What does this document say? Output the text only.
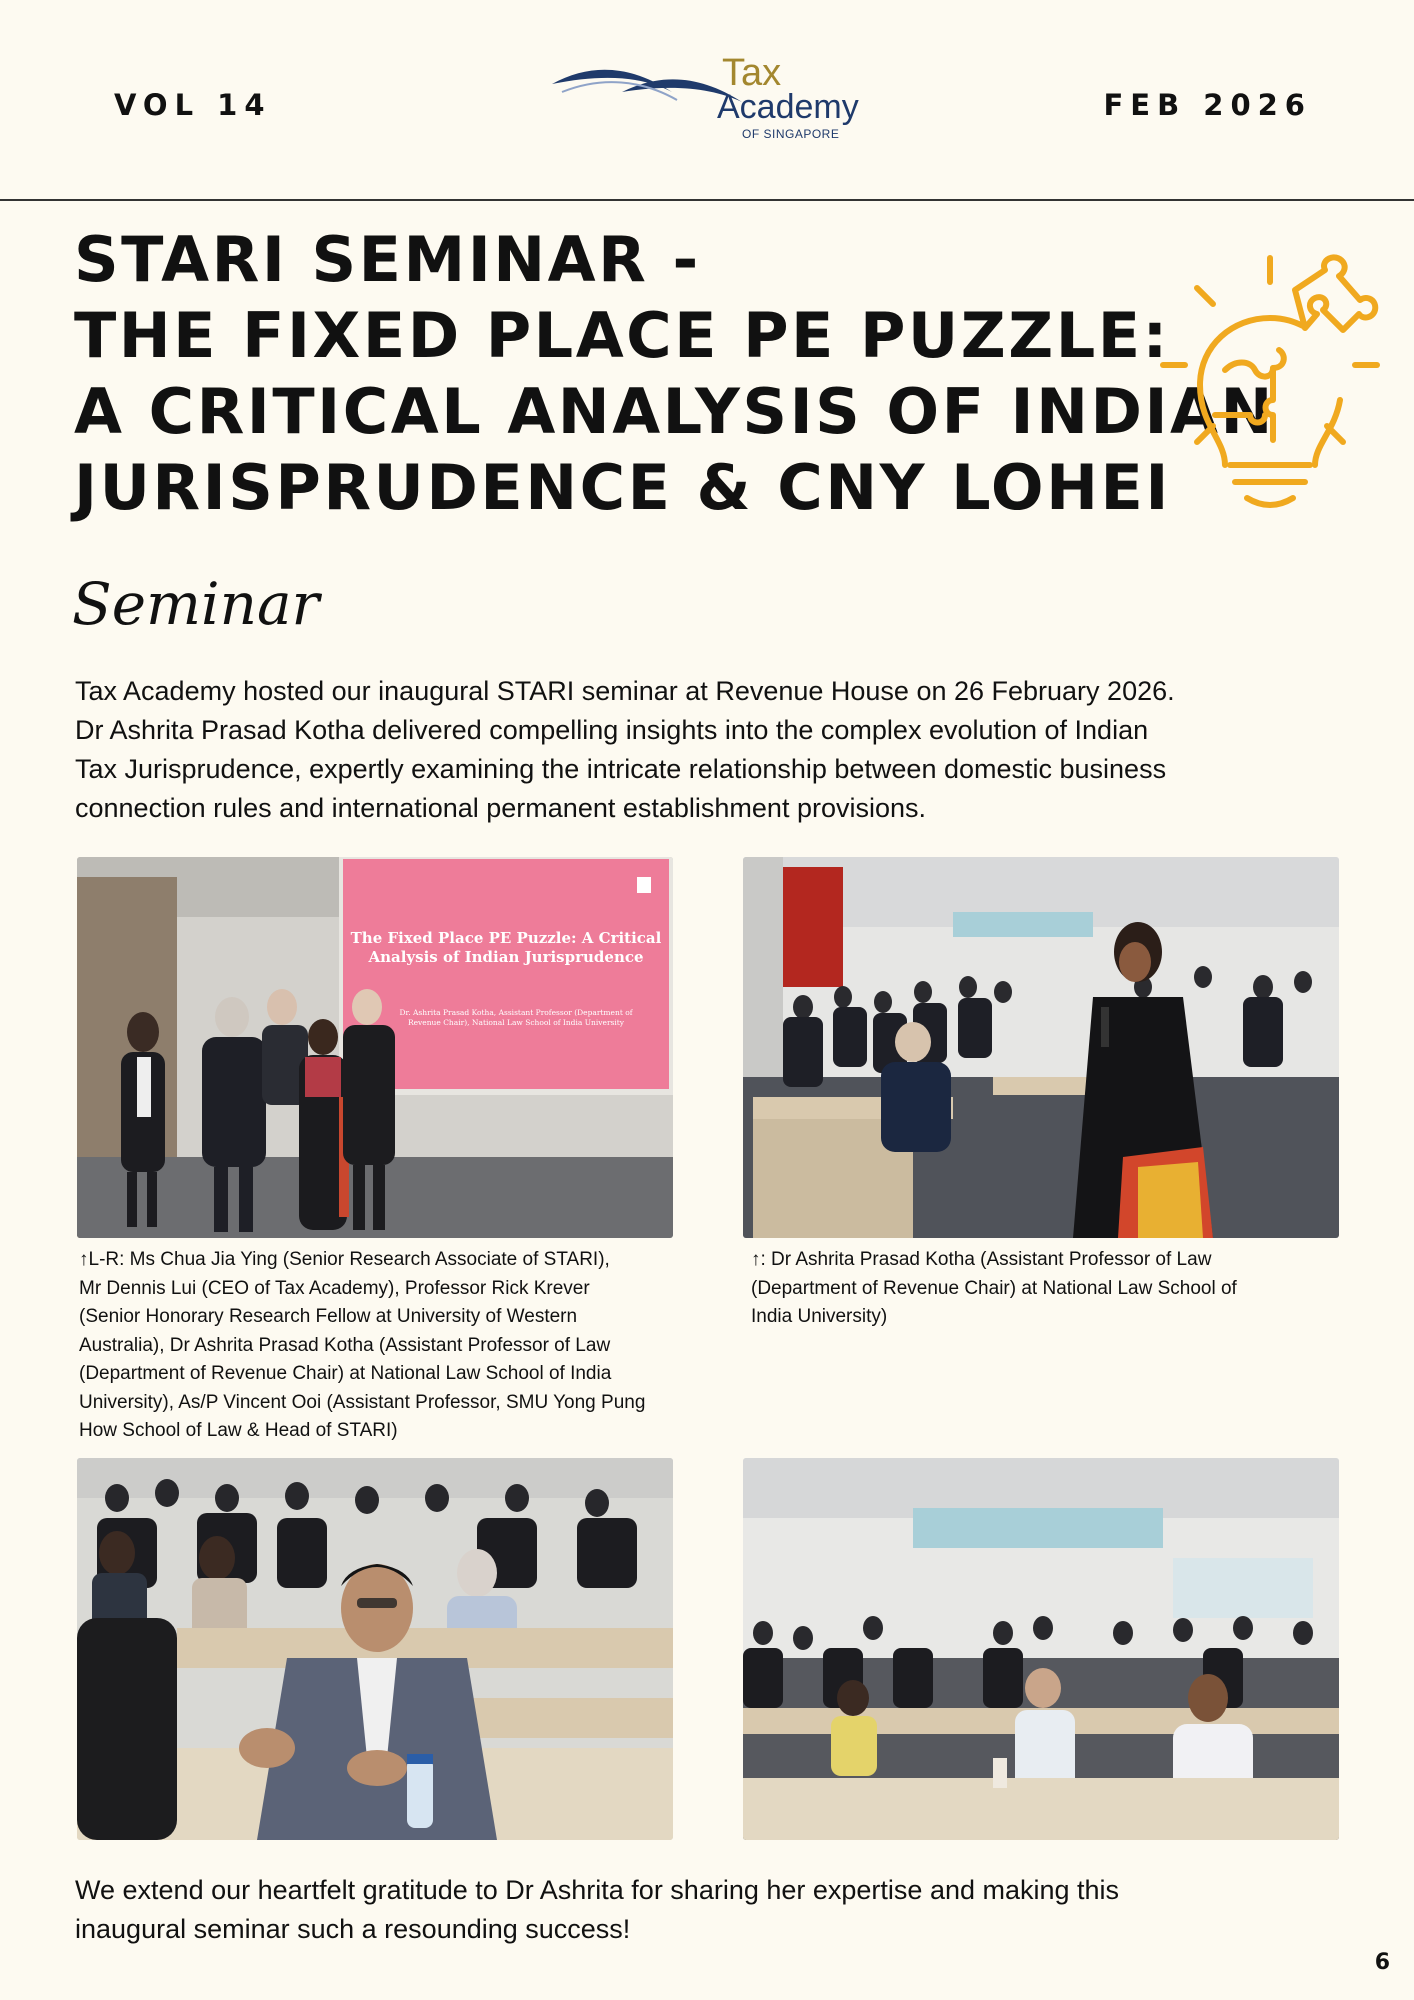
VOL 14
Tax
Academy
OF SINGAPORE
FEB 2026
STARI SEMINAR -
THE FIXED PLACE PE PUZZLE:
A CRITICAL ANALYSIS OF INDIAN
JURISPRUDENCE & CNY LOHEI
Seminar
Tax Academy hosted our inaugural STARI seminar at Revenue House on 26 February 2026.
Dr Ashrita Prasad Kotha delivered compelling insights into the complex evolution of Indian
Tax Jurisprudence, expertly examining the intricate relationship between domestic business
connection rules and international permanent establishment provisions.
The Fixed Place PE Puzzle: A Critical
Analysis of Indian Jurisprudence
Dr. Ashrita Prasad Kotha, Assistant Professor (Department of
Revenue Chair), National Law School of India University
↑L-R: Ms Chua Jia Ying (Senior Research Associate of STARI),
Mr Dennis Lui (CEO of Tax Academy), Professor Rick Krever
(Senior Honorary Research Fellow at University of Western
Australia), Dr Ashrita Prasad Kotha (Assistant Professor of Law
(Department of Revenue Chair) at National Law School of India
University), As/P Vincent Ooi (Assistant Professor, SMU Yong Pung
How School of Law & Head of STARI)
↑: Dr Ashrita Prasad Kotha (Assistant Professor of Law
(Department of Revenue Chair) at National Law School of
India University)
We extend our heartfelt gratitude to Dr Ashrita for sharing her expertise and making this
inaugural seminar such a resounding success!
6
